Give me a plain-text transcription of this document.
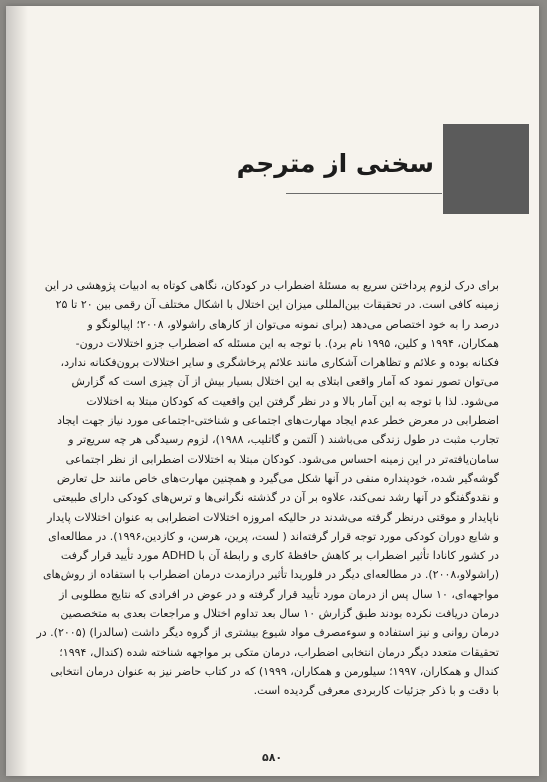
سخنی از مترجم
برای درک لزوم پرداختن سریع به مسئلهٔ اضطراب در کودکان، نگاهی کوتاه به ادبیات پژوهشی در این
زمینه کافی است. در تحقیقات بین‌المللی میزان این اختلال با اشکال مختلف آن رقمی بین ۲۰ تا ۲۵
درصد را به خود اختصاص می‌دهد (برای نمونه می‌توان از کارهای راشولاو، ۲۰۰۸؛ اپیالونگو و
همکاران، ۱۹۹۴ و کلین، ۱۹۹۵ نام برد). با توجه به این مسئله که اضطراب جزو اختلالات درون-
فکنانه بوده و علائم و تظاهرات آشکاری مانند علائم پرخاشگری و سایر اختلالات برون‌فکنانه ندارد،
می‌توان تصور نمود که آمار واقعی ابتلای به این اختلال بسیار بیش از آن چیزی است که گزارش
می‌شود. لذا با توجه به این آمار بالا و در نظر گرفتن این واقعیت که کودکان مبتلا به اختلالات
اضطرابی در معرض خطر عدم ایجاد مهارت‌های اجتماعی و شناختی-اجتماعی مورد نیاز جهت ایجاد
تجارب مثبت در طول زندگی می‌باشند ( آلتمن و گاتلیب، ۱۹۸۸)، لزوم رسیدگی هر چه سریع‌تر و
سامان‌یافته‌تر در این زمینه احساس می‌شود. کودکان مبتلا به اختلالات اضطرابی از نظر اجتماعی
گوشه‌گیر شده، خودپنداره منفی در آنها شکل می‌گیرد و همچنین مهارت‌های خاص مانند حل تعارض
و نقدوگفتگو در آنها رشد نمی‌کند، علاوه بر آن در گذشته نگرانی‌ها و ترس‌های کودکی دارای طبیعتی
ناپایدار و موقتی درنظر گرفته می‌شدند در حالیکه امروزه اختلالات اضطرابی به عنوان اختلالات پایدار
و شایع دوران کودکی مورد توجه قرار گرفته‌اند ( لست، پرین، هرسن، و کازدین،۱۹۹۶). در مطالعه‌ای
در کشور کانادا تأثیر اضطراب بر کاهش حافظهٔ کاری و رابطهٔ آن با ADHD مورد تأیید قرار گرفت
(راشولاو،۲۰۰۸). در مطالعه‌ای دیگر در فلوریدا تأثیر درازمدت درمان اضطراب با استفاده از روش‌های
مواجهه‌ای، ۱۰ سال پس از درمان مورد تأیید قرار گرفته و در عوض در افرادی که نتایج مطلوبی از
درمان دریافت نکرده بودند طبق گزارش ۱۰ سال بعد تداوم اختلال و مراجعات بعدی به متخصصین
درمان روانی و نیز استفاده و سوءمصرف مواد شیوع بیشتری از گروه دیگر داشت (سالدرا) (۲۰۰۵). در
تحقیقات متعدد دیگر درمان انتخابی اضطراب، درمان متکی بر مواجهه شناخته شده (کندال، ۱۹۹۴؛
کندال و همکاران، ۱۹۹۷؛ سیلورمن و همکاران، ۱۹۹۹) که در کتاب حاضر نیز به عنوان درمان انتخابی
با دقت و با ذکر جزئیات کاربردی معرفی گردیده است.
۵۸۰
